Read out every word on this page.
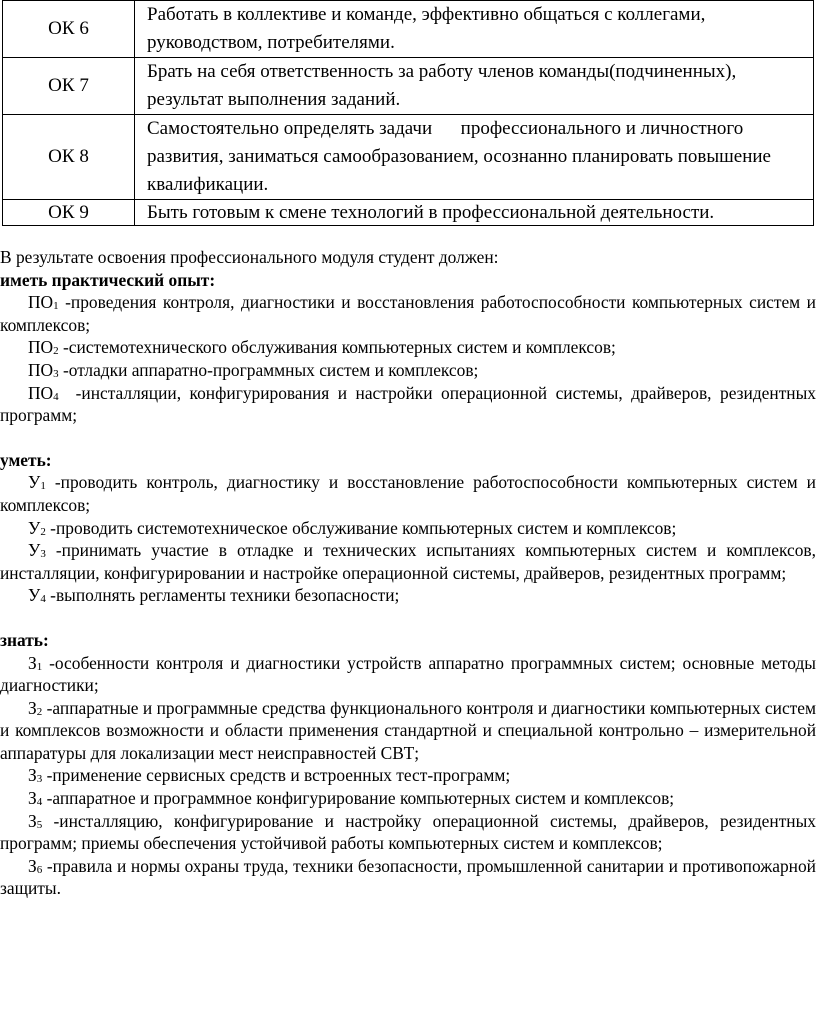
ОК 6	Работать в коллективе и команде, эффективно общаться с коллегами, руководством, потребителями.
ОК 7	Брать на себя ответственность за работу членов команды(подчиненных), результат выполнения заданий.
ОК 8	Самостоятельно определять задачи      профессионального и личностного развития, заниматься самообразованием, осознанно планировать повышение квалификации.
ОК 9	Быть готовым к смене технологий в профессиональной деятельности.

В результате освоения профессионального модуля студент должен:

иметь практический опыт:

$ПО_1$ -проведения контроля, диагностики и восстановления работоспособности компьютерных систем и комплексов;

$ПО_2$ -системотехнического обслуживания компьютерных систем и комплексов;

$ПО_3$ -отладки аппаратно-программных систем и комплексов;

$ПО_4$  -инсталляции, конфигурирования и настройки операционной системы, драйверов, резидентных программ;

уметь:

$У_1$ -проводить контроль, диагностику и восстановление работоспособности компьютерных систем и комплексов;

$У_2$ -проводить системотехническое обслуживание компьютерных систем и комплексов;

$У_3$ -принимать участие в отладке и технических испытаниях компьютерных систем и комплексов, инсталляции, конфигурировании и настройке операционной системы, драйверов, резидентных программ;

$У_4$ -выполнять регламенты техники безопасности;

знать:

$З_1$ -особенности контроля и диагностики устройств аппаратно программных систем; основные методы диагностики;

$З_2$ -аппаратные и программные средства функционального контроля и диагностики компьютерных систем и комплексов возможности и области применения стандартной и специальной контрольно – измерительной аппаратуры для локализации мест неисправностей СВТ;

$З_3$ -применение сервисных средств и встроенных тест-программ;

$З_4$ -аппаратное и программное конфигурирование компьютерных систем и комплексов;

$З_5$ -инсталляцию, конфигурирование и настройку операционной системы, драйверов, резидентных программ; приемы обеспечения устойчивой работы компьютерных систем и комплексов;

$З_6$ -правила и нормы охраны труда, техники безопасности, промышленной санитарии и противопожарной защиты.
